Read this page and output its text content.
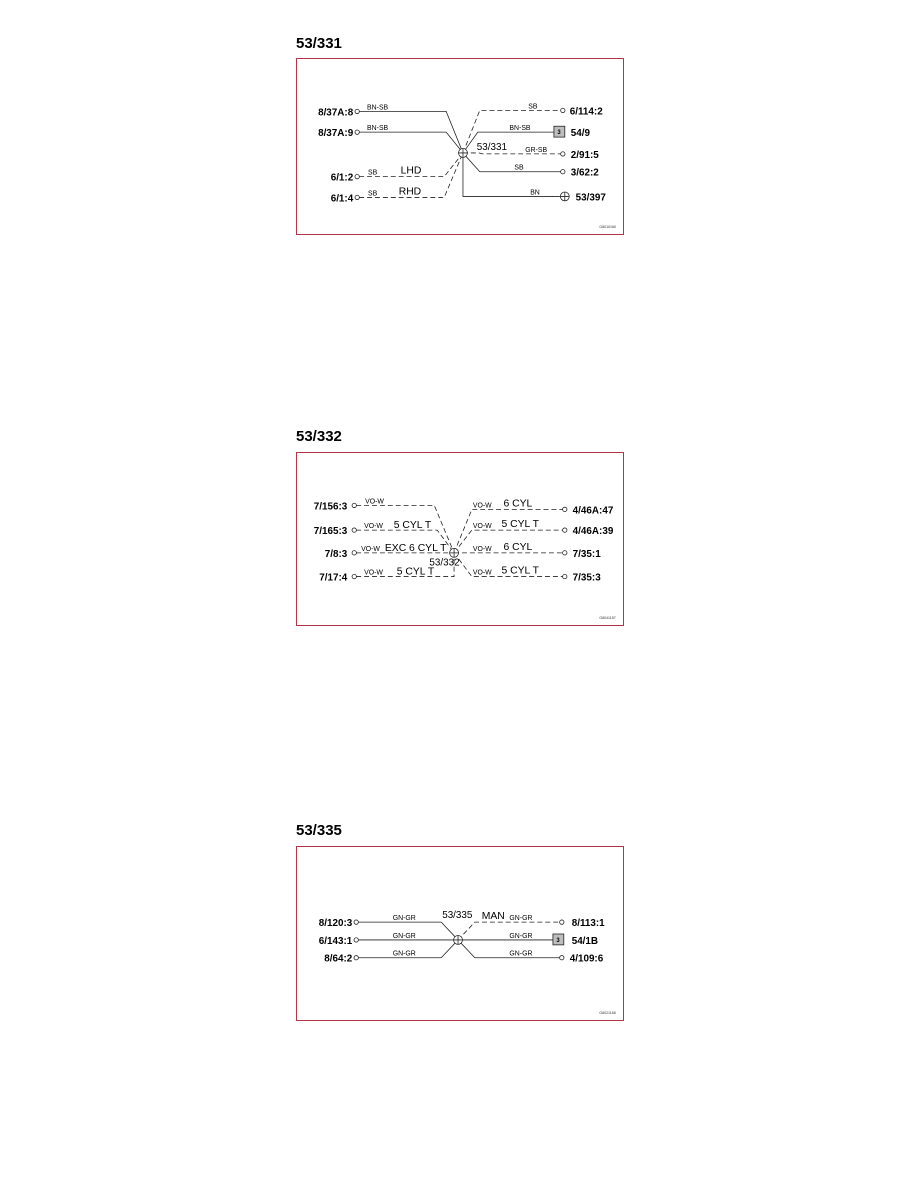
53/331
3
53/331
8/37A:8
8/37A:9
6/1:2
6/1:4
BN-SB
BN-SB
SB
SB
LHD
RHD
SB
BN-SB
GR-SB
SB
BN
6/114:2
54/9
2/91:5
3/62:2
53/397
G8010160
53/332
53/332
7/156:3
7/165:3
7/8:3
7/17:4
VO-W
VO-W
VO-W
VO-W
5 CYL T
EXC 6 CYL T
5 CYL T
VO-W
VO-W
VO-W
VO-W
6 CYL
5 CYL T
6 CYL
5 CYL T
4/46A:47
4/46A:39
7/35:1
7/35:3
G8041157
53/335
3
53/335
8/120:3
6/143:1
8/64:2
GN-GR
GN-GR
GN-GR
MAN GN-GR
GN-GR
GN-GR
8/113:1
54/1B
4/109:6
G8021168
